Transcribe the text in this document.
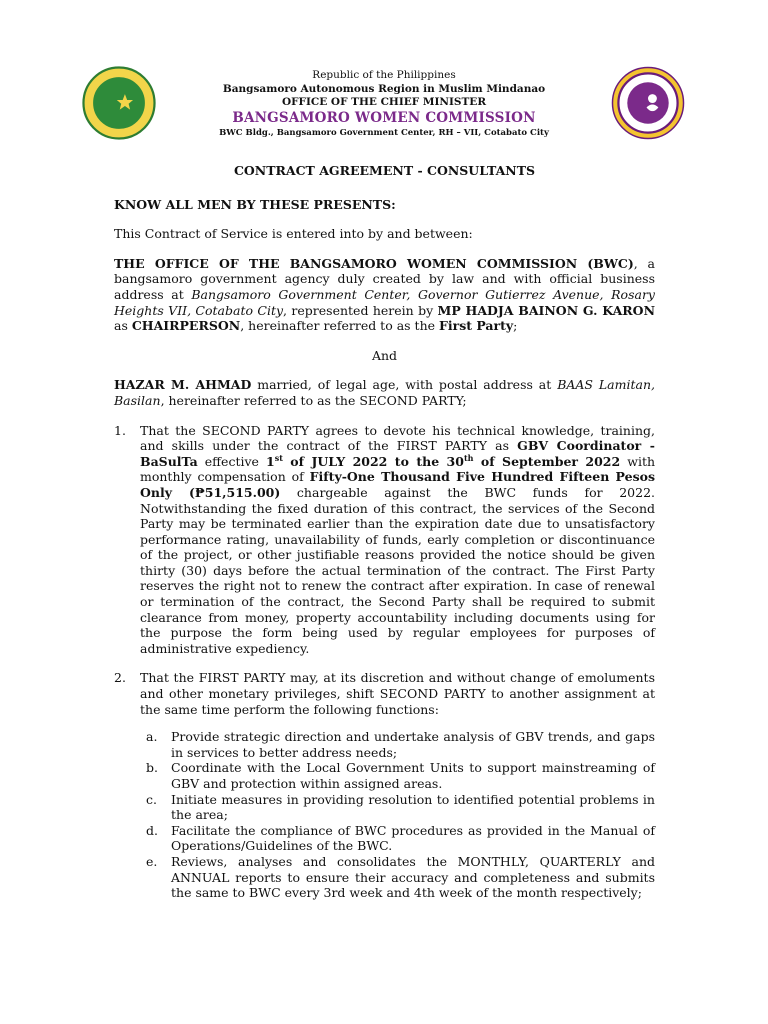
Republic of the Philippines
Bangsamoro Autonomous Region in Muslim Mindanao
OFFICE OF THE CHIEF MINISTER
BANGSAMORO WOMEN COMMISSION
BWC Bldg., Bangsamoro Government Center, RH – VII, Cotabato City
CONTRACT AGREEMENT - CONSULTANTS

KNOW ALL MEN BY THESE PRESENTS:

This Contract of Service is entered into by and between:

THE OFFICE OF THE BANGSAMORO WOMEN COMMISSION (BWC), a bangsamoro government agency duly created by law and with official business address at Bangsamoro Government Center, Governor Gutierrez Avenue, Rosary Heights VII, Cotabato City, represented herein by MP HADJA BAINON G. KARON as CHAIRPERSON, hereinafter referred to as the First Party;

And

HAZAR M. AHMAD married, of legal age, with postal address at BAAS Lamitan, Basilan, hereinafter referred to as the SECOND PARTY;

1. That the SECOND PARTY agrees to devote his technical knowledge, training, and skills under the contract of the FIRST PARTY as GBV Coordinator - BaSulTa effective 1st of JULY 2022 to the 30th of September 2022 with monthly compensation of Fifty-One Thousand Five Hundred Fifteen Pesos Only (₱51,515.00) chargeable against the BWC funds for 2022. Notwithstanding the fixed duration of this contract, the services of the Second Party may be terminated earlier than the expiration date due to unsatisfactory performance rating, unavailability of funds, early completion or discontinuance of the project, or other justifiable reasons provided the notice should be given thirty (30) days before the actual termination of the contract. The First Party reserves the right not to renew the contract after expiration. In case of renewal or termination of the contract, the Second Party shall be required to submit clearance from money, property accountability including documents using for the purpose the form being used by regular employees for purposes of administrative expediency.
2. That the FIRST PARTY may, at its discretion and without change of emoluments and other monetary privileges, shift SECOND PARTY to another assignment at the same time perform the following functions:
a. Provide strategic direction and undertake analysis of GBV trends, and gaps in services to better address needs;
b. Coordinate with the Local Government Units to support mainstreaming of GBV and protection within assigned areas.
c. Initiate measures in providing resolution to identified potential problems in the area;
d. Facilitate the compliance of BWC procedures as provided in the Manual of Operations/Guidelines of the BWC.
e. Reviews, analyses and consolidates the MONTHLY, QUARTERLY and ANNUAL reports to ensure their accuracy and completeness and submits the same to BWC every 3rd week and 4th week of the month respectively;
